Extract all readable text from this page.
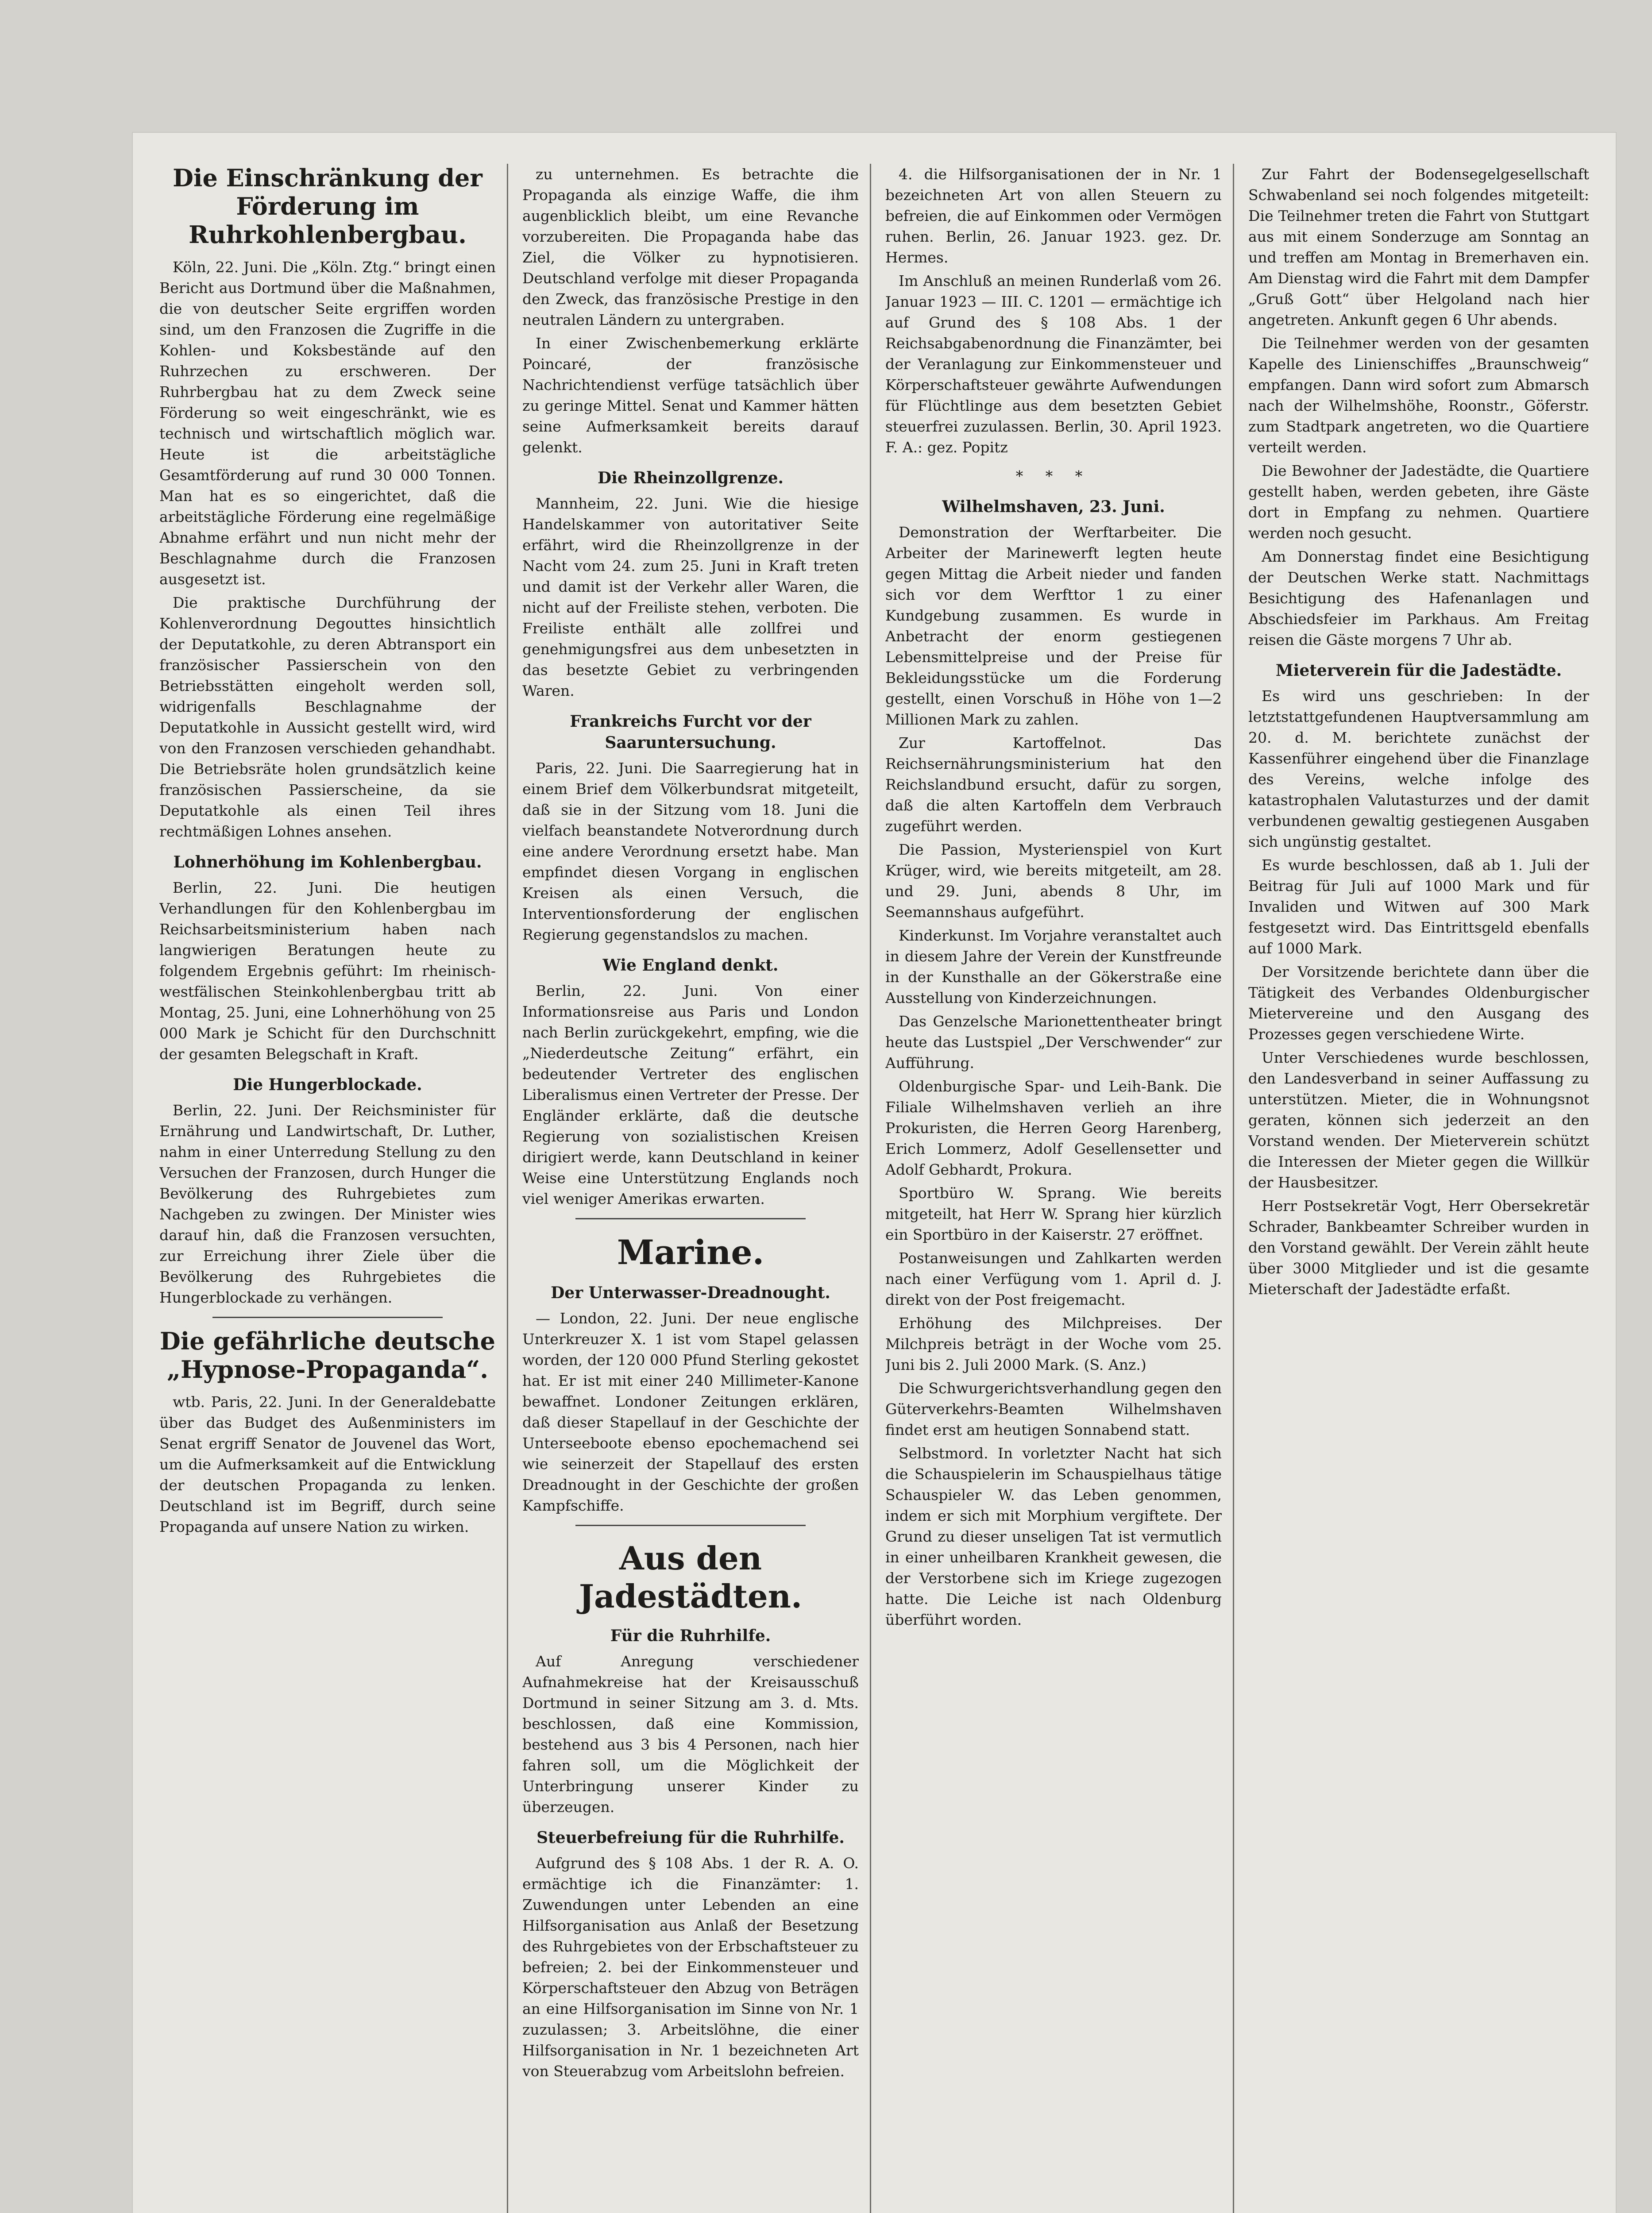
Die Einschränkung der Förderung im Ruhrkohlenbergbau.

Köln, 22. Juni. Die „Köln. Ztg.“ bringt einen Bericht aus Dortmund über die Maßnahmen, die von deutscher Seite ergriffen worden sind, um den Franzosen die Zugriffe in die Kohlen- und Koksbestände auf den Ruhrzechen zu erschweren. Der Ruhrbergbau hat zu dem Zweck seine Förderung so weit eingeschränkt, wie es technisch und wirtschaftlich möglich war. Heute ist die arbeitstägliche Gesamtförderung auf rund 30 000 Tonnen. Man hat es so eingerichtet, daß die arbeitstägliche Förderung eine regelmäßige Abnahme erfährt und nun nicht mehr der Beschlagnahme durch die Franzosen ausgesetzt ist.

Die praktische Durchführung der Kohlenverordnung Degouttes hinsichtlich der Deputatkohle, zu deren Abtransport ein französischer Passierschein von den Betriebsstätten eingeholt werden soll, widrigenfalls Beschlagnahme der Deputatkohle in Aussicht gestellt wird, wird von den Franzosen verschieden gehandhabt. Die Betriebsräte holen grundsätzlich keine französischen Passierscheine, da sie Deputatkohle als einen Teil ihres rechtmäßigen Lohnes ansehen.

Lohnerhöhung im Kohlenbergbau.

Berlin, 22. Juni. Die heutigen Verhandlungen für den Kohlenbergbau im Reichsarbeitsministerium haben nach langwierigen Beratungen heute zu folgendem Ergebnis geführt: Im rheinisch-westfälischen Steinkohlenbergbau tritt ab Montag, 25. Juni, eine Lohnerhöhung von 25 000 Mark je Schicht für den Durchschnitt der gesamten Belegschaft in Kraft.

Die Hungerblockade.

Berlin, 22. Juni. Der Reichsminister für Ernährung und Landwirtschaft, Dr. Luther, nahm in einer Unterredung Stellung zu den Versuchen der Franzosen, durch Hunger die Bevölkerung des Ruhrgebietes zum Nachgeben zu zwingen. Der Minister wies darauf hin, daß die Franzosen versuchten, zur Erreichung ihrer Ziele über die Bevölkerung des Ruhrgebietes die Hungerblockade zu verhängen.

Die gefährliche deutsche „Hypnose-Propaganda“.

wtb. Paris, 22. Juni. In der Generaldebatte über das Budget des Außenministers im Senat ergriff Senator de Jouvenel das Wort, um die Aufmerksamkeit auf die Entwicklung der deutschen Propaganda zu lenken. Deutschland ist im Begriff, durch seine Propaganda auf unsere Nation zu wirken.

zu unternehmen. Es betrachte die Propaganda als einzige Waffe, die ihm augenblicklich bleibt, um eine Revanche vorzubereiten. Die Propaganda habe das Ziel, die Völker zu hypnotisieren. Deutschland verfolge mit dieser Propaganda den Zweck, das französische Prestige in den neutralen Ländern zu untergraben.

In einer Zwischenbemerkung erklärte Poincaré, der französische Nachrichtendienst verfüge tatsächlich über zu geringe Mittel. Senat und Kammer hätten seine Aufmerksamkeit bereits darauf gelenkt.

Die Rheinzollgrenze.

Mannheim, 22. Juni. Wie die hiesige Handelskammer von autoritativer Seite erfährt, wird die Rheinzollgrenze in der Nacht vom 24. zum 25. Juni in Kraft treten und damit ist der Verkehr aller Waren, die nicht auf der Freiliste stehen, verboten. Die Freiliste enthält alle zollfrei und genehmigungsfrei aus dem unbesetzten in das besetzte Gebiet zu verbringenden Waren.

Frankreichs Furcht vor der Saaruntersuchung.

Paris, 22. Juni. Die Saarregierung hat in einem Brief dem Völkerbundsrat mitgeteilt, daß sie in der Sitzung vom 18. Juni die vielfach beanstandete Notverordnung durch eine andere Verordnung ersetzt habe. Man empfindet diesen Vorgang in englischen Kreisen als einen Versuch, die Interventionsforderung der englischen Regierung gegenstandslos zu machen.

Wie England denkt.

Berlin, 22. Juni. Von einer Informationsreise aus Paris und London nach Berlin zurückgekehrt, empfing, wie die „Niederdeutsche Zeitung“ erfährt, ein bedeutender Vertreter des englischen Liberalismus einen Vertreter der Presse. Der Engländer erklärte, daß die deutsche Regierung von sozialistischen Kreisen dirigiert werde, kann Deutschland in keiner Weise eine Unterstützung Englands noch viel weniger Amerikas erwarten.

Marine.
Der Unterwasser-Dreadnought.

— London, 22. Juni. Der neue englische Unterkreuzer X. 1 ist vom Stapel gelassen worden, der 120 000 Pfund Sterling gekostet hat. Er ist mit einer 240 Millimeter-Kanone bewaffnet. Londoner Zeitungen erklären, daß dieser Stapellauf in der Geschichte der Unterseeboote ebenso epochemachend sei wie seinerzeit der Stapellauf des ersten Dreadnought in der Geschichte der großen Kampfschiffe.

Aus den Jadestädten.
Für die Ruhrhilfe.

Auf Anregung verschiedener Aufnahmekreise hat der Kreisausschuß Dortmund in seiner Sitzung am 3. d. Mts. beschlossen, daß eine Kommission, bestehend aus 3 bis 4 Personen, nach hier fahren soll, um die Möglichkeit der Unterbringung unserer Kinder zu überzeugen.

Steuerbefreiung für die Ruhrhilfe.

Aufgrund des § 108 Abs. 1 der R. A. O. ermächtige ich die Finanzämter: 1. Zuwendungen unter Lebenden an eine Hilfsorganisation aus Anlaß der Besetzung des Ruhrgebietes von der Erbschaftsteuer zu befreien; 2. bei der Einkommensteuer und Körperschaftsteuer den Abzug von Beträgen an eine Hilfsorganisation im Sinne von Nr. 1 zuzulassen; 3. Arbeitslöhne, die einer Hilfsorganisation in Nr. 1 bezeichneten Art von Steuerabzug vom Arbeitslohn befreien.

4. die Hilfsorganisationen der in Nr. 1 bezeichneten Art von allen Steuern zu befreien, die auf Einkommen oder Vermögen ruhen. Berlin, 26. Januar 1923. gez. Dr. Hermes.

Im Anschluß an meinen Runderlaß vom 26. Januar 1923 — III. C. 1201 — ermächtige ich auf Grund des § 108 Abs. 1 der Reichsabgabenordnung die Finanzämter, bei der Veranlagung zur Einkommensteuer und Körperschaftsteuer gewährte Aufwendungen für Flüchtlinge aus dem besetzten Gebiet steuerfrei zuzulassen. Berlin, 30. April 1923. F. A.: gez. Popitz

* * *
Wilhelmshaven, 23. Juni.

Demonstration der Werftarbeiter. Die Arbeiter der Marinewerft legten heute gegen Mittag die Arbeit nieder und fanden sich vor dem Werfttor 1 zu einer Kundgebung zusammen. Es wurde in Anbetracht der enorm gestiegenen Lebensmittelpreise und der Preise für Bekleidungsstücke um die Forderung gestellt, einen Vorschuß in Höhe von 1—2 Millionen Mark zu zahlen.

Zur Kartoffelnot. Das Reichsernährungsministerium hat den Reichslandbund ersucht, dafür zu sorgen, daß die alten Kartoffeln dem Verbrauch zugeführt werden.

Die Passion, Mysterienspiel von Kurt Krüger, wird, wie bereits mitgeteilt, am 28. und 29. Juni, abends 8 Uhr, im Seemannshaus aufgeführt.

Kinderkunst. Im Vorjahre veranstaltet auch in diesem Jahre der Verein der Kunstfreunde in der Kunsthalle an der Gökerstraße eine Ausstellung von Kinderzeichnungen.

Das Genzelsche Marionettentheater bringt heute das Lustspiel „Der Verschwender“ zur Aufführung.

Oldenburgische Spar- und Leih-Bank. Die Filiale Wilhelmshaven verlieh an ihre Prokuristen, die Herren Georg Harenberg, Erich Lommerz, Adolf Gesellensetter und Adolf Gebhardt, Prokura.

Sportbüro W. Sprang. Wie bereits mitgeteilt, hat Herr W. Sprang hier kürzlich ein Sportbüro in der Kaiserstr. 27 eröffnet.

Postanweisungen und Zahlkarten werden nach einer Verfügung vom 1. April d. J. direkt von der Post freigemacht.

Erhöhung des Milchpreises. Der Milchpreis beträgt in der Woche vom 25. Juni bis 2. Juli 2000 Mark. (S. Anz.)

Die Schwurgerichtsverhandlung gegen den Güterverkehrs-Beamten Wilhelmshaven findet erst am heutigen Sonnabend statt.

Selbstmord. In vorletzter Nacht hat sich die Schauspielerin im Schauspielhaus tätige Schauspieler W. das Leben genommen, indem er sich mit Morphium vergiftete. Der Grund zu dieser unseligen Tat ist vermutlich in einer unheilbaren Krankheit gewesen, die der Verstorbene sich im Kriege zugezogen hatte. Die Leiche ist nach Oldenburg überführt worden.

Zur Fahrt der Bodensegelgesellschaft Schwabenland sei noch folgendes mitgeteilt: Die Teilnehmer treten die Fahrt von Stuttgart aus mit einem Sonderzuge am Sonntag an und treffen am Montag in Bremerhaven ein. Am Dienstag wird die Fahrt mit dem Dampfer „Gruß Gott“ über Helgoland nach hier angetreten. Ankunft gegen 6 Uhr abends.

Die Teilnehmer werden von der gesamten Kapelle des Linienschiffes „Braunschweig“ empfangen. Dann wird sofort zum Abmarsch nach der Wilhelmshöhe, Roonstr., Göferstr. zum Stadtpark angetreten, wo die Quartiere verteilt werden.

Die Bewohner der Jadestädte, die Quartiere gestellt haben, werden gebeten, ihre Gäste dort in Empfang zu nehmen. Quartiere werden noch gesucht.

Am Donnerstag findet eine Besichtigung der Deutschen Werke statt. Nachmittags Besichtigung des Hafenanlagen und Abschiedsfeier im Parkhaus. Am Freitag reisen die Gäste morgens 7 Uhr ab.

Mieterverein für die Jadestädte.

Es wird uns geschrieben: In der letztstattgefundenen Hauptversammlung am 20. d. M. berichtete zunächst der Kassenführer eingehend über die Finanzlage des Vereins, welche infolge des katastrophalen Valutasturzes und der damit verbundenen gewaltig gestiegenen Ausgaben sich ungünstig gestaltet.

Es wurde beschlossen, daß ab 1. Juli der Beitrag für Juli auf 1000 Mark und für Invaliden und Witwen auf 300 Mark festgesetzt wird. Das Eintrittsgeld ebenfalls auf 1000 Mark.

Der Vorsitzende berichtete dann über die Tätigkeit des Verbandes Oldenburgischer Mietervereine und den Ausgang des Prozesses gegen verschiedene Wirte.

Unter Verschiedenes wurde beschlossen, den Landesverband in seiner Auffassung zu unterstützen. Mieter, die in Wohnungsnot geraten, können sich jederzeit an den Vorstand wenden. Der Mieterverein schützt die Interessen der Mieter gegen die Willkür der Hausbesitzer.

Herr Postsekretär Vogt, Herr Obersekretär Schrader, Bankbeamter Schreiber wurden in den Vorstand gewählt. Der Verein zählt heute über 3000 Mitglieder und ist die gesamte Mieterschaft der Jadestädte erfaßt.
